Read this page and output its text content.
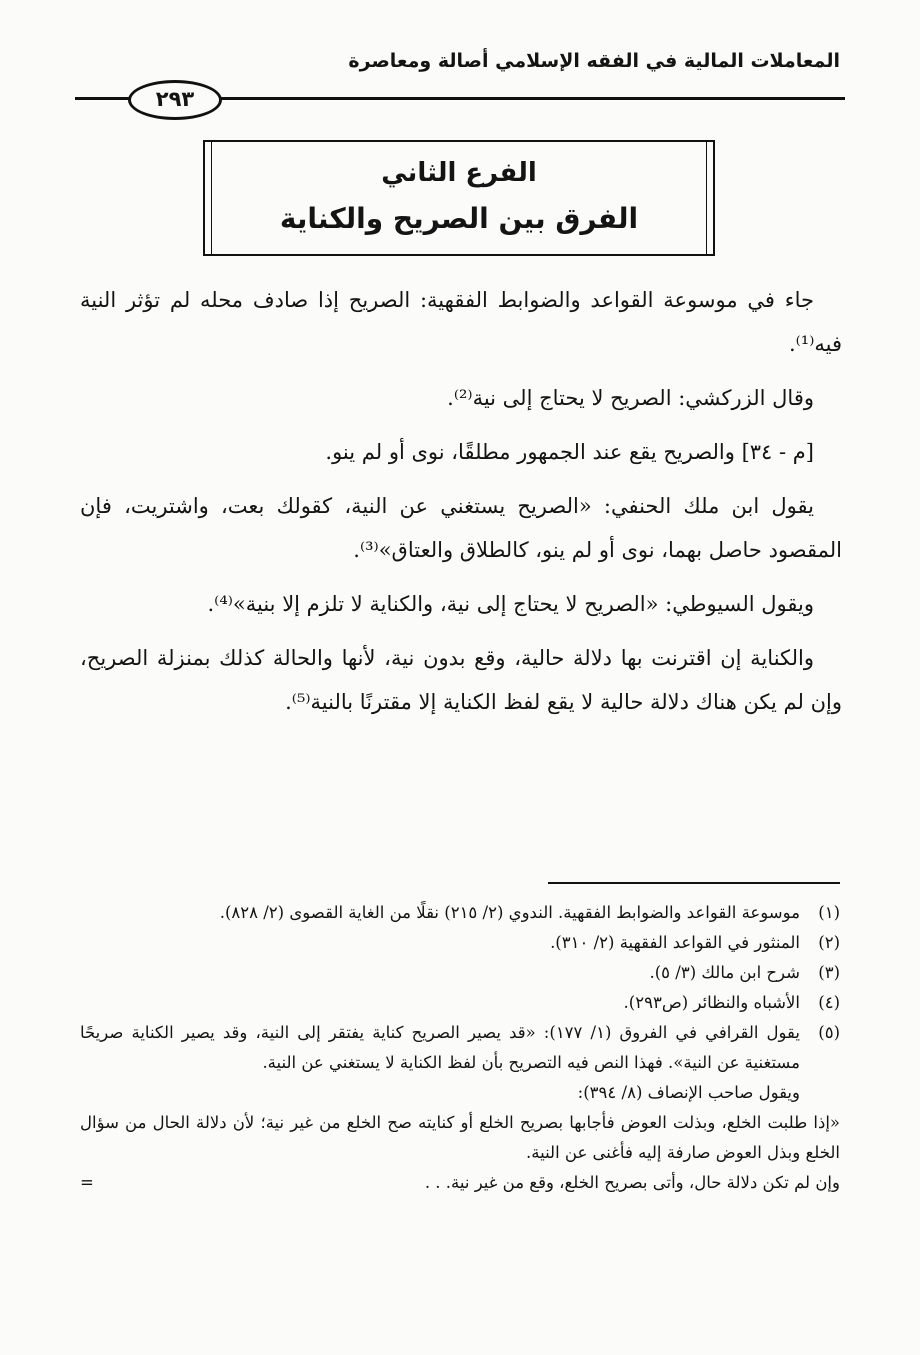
المعاملات المالية في الفقه الإسلامي أصالة ومعاصرة
٢٩٣
الفرع الثاني
الفرق بين الصريح والكناية

جاء في موسوعة القواعد والضوابط الفقهية: الصريح إذا صادف محله لم تؤثر النية فيه⁽¹⁾.

وقال الزركشي: الصريح لا يحتاج إلى نية⁽²⁾.

[م - ٣٤] والصريح يقع عند الجمهور مطلقًا، نوى أو لم ينو.

يقول ابن ملك الحنفي: «الصريح يستغني عن النية، كقولك بعت، واشتريت، فإن المقصود حاصل بهما، نوى أو لم ينو، كالطلاق والعتاق»⁽³⁾.

ويقول السيوطي: «الصريح لا يحتاج إلى نية، والكناية لا تلزم إلا بنية»⁽⁴⁾.

والكناية إن اقترنت بها دلالة حالية، وقع بدون نية، لأنها والحالة كذلك بمنزلة الصريح، وإن لم يكن هناك دلالة حالية لا يقع لفظ الكناية إلا مقترنًا بالنية⁽⁵⁾.

(١)
موسوعة القواعد والضوابط الفقهية. الندوي (٢/ ٢١٥) نقلًا من الغاية القصوى (٢/ ٨٢٨).
(٢)
المنثور في القواعد الفقهية (٢/ ٣١٠).
(٣)
شرح ابن مالك (٣/ ٥).
(٤)
الأشباه والنظائر (ص٢٩٣).
(٥)
يقول القرافي في الفروق (١/ ١٧٧): «قد يصير الصريح كناية يفتقر إلى النية، وقد يصير الكناية صريحًا مستغنية عن النية». فهذا النص فيه التصريح بأن لفظ الكناية لا يستغني عن النية.
ويقول صاحب الإنصاف (٨/ ٣٩٤):
«إذا طلبت الخلع، وبذلت العوض فأجابها بصريح الخلع أو كنايته صح الخلع من غير نية؛ لأن دلالة الحال من سؤال الخلع وبذل العوض صارفة إليه فأغنى عن النية.
وإن لم تكن دلالة حال، وأتى بصريح الخلع، وقع من غير نية. . .
=
